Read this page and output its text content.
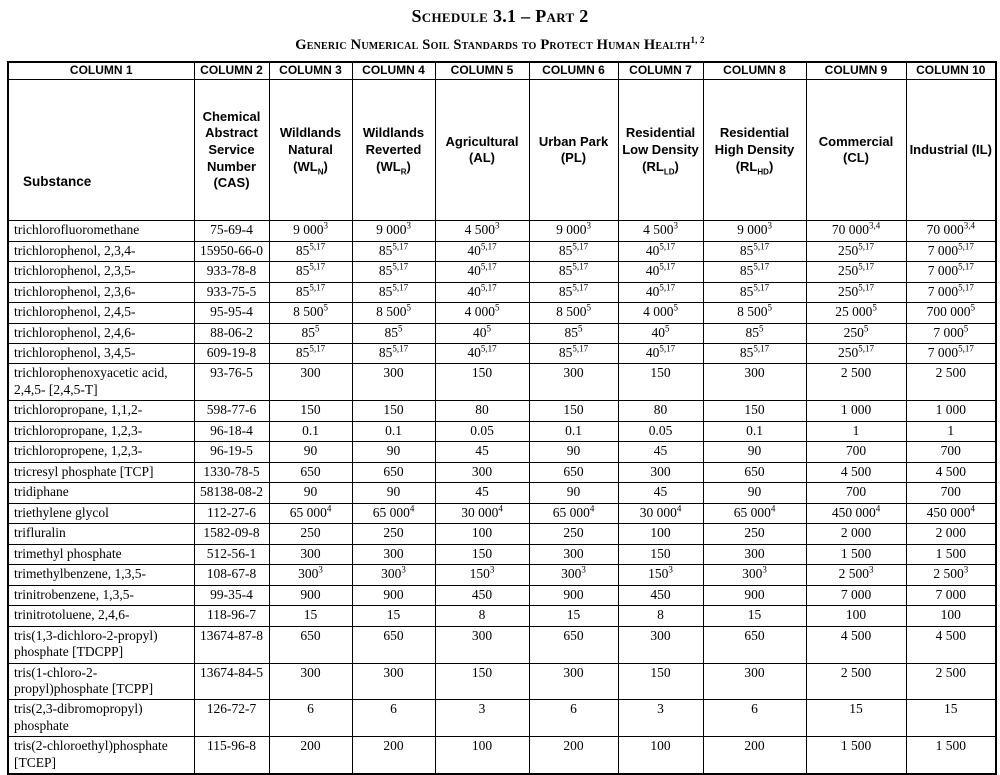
Schedule 3.1 – Part 2
Generic Numerical Soil Standards to Protect Human Health$^{1, 2}$
COLUMN 1	COLUMN 2	COLUMN 3	COLUMN 4	COLUMN 5	COLUMN 6	COLUMN 7	COLUMN 8	COLUMN 9	COLUMN 10
Substance	Chemical Abstract Service Number (CAS)	Wildlands Natural $(WL_N)$	Wildlands Reverted $(WL_R)$	Agricultural (AL)	Urban Park (PL)	Residential Low Density $(RL_{LD})$	Residential High Density $(RL_{HD})$	Commercial (CL)	Industrial (IL)
trichlorofluoromethane	75-69-4	9 $000^3$	9 $000^3$	4 $500^3$	9 $000^3$	4 $500^3$	9 $000^3$	70 000$^{3,4}$	70 000$^{3,4}$
trichlorophenol, 2,3,4-	15950-66-0	85$^{5,17}$	85$^{5,17}$	40$^{5,17}$	85$^{5,17}$	40$^{5,17}$	85$^{5,17}$	250$^{5,17}$	7 000$^{5,17}$
trichlorophenol, 2,3,5-	933-78-8	85$^{5,17}$	85$^{5,17}$	40$^{5,17}$	85$^{5,17}$	40$^{5,17}$	85$^{5,17}$	250$^{5,17}$	7 000$^{5,17}$
trichlorophenol, 2,3,6-	933-75-5	85$^{5,17}$	85$^{5,17}$	40$^{5,17}$	85$^{5,17}$	40$^{5,17}$	85$^{5,17}$	250$^{5,17}$	7 000$^{5,17}$
trichlorophenol, 2,4,5-	95-95-4	8 $500^5$	8 $500^5$	4 $000^5$	8 $500^5$	4 $000^5$	8 $500^5$	25 $000^5$	700 $000^5$
trichlorophenol, 2,4,6-	88-06-2	$85^5$	$85^5$	$40^5$	$85^5$	$40^5$	$85^5$	$250^5$	7 $000^5$
trichlorophenol, 3,4,5-	609-19-8	85$^{5,17}$	85$^{5,17}$	40$^{5,17}$	85$^{5,17}$	40$^{5,17}$	85$^{5,17}$	250$^{5,17}$	7 000$^{5,17}$
trichlorophenoxyacetic acid, 2,4,5- [2,4,5-T]	93-76-5	300	300	150	300	150	300	2 500	2 500
trichloropropane, 1,1,2-	598-77-6	150	150	80	150	80	150	1 000	1 000
trichloropropane, 1,2,3-	96-18-4	0.1	0.1	0.05	0.1	0.05	0.1	1	1
trichloropropene, 1,2,3-	96-19-5	90	90	45	90	45	90	700	700
tricresyl phosphate [TCP]	1330-78-5	650	650	300	650	300	650	4 500	4 500
tridiphane	58138-08-2	90	90	45	90	45	90	700	700
triethylene glycol	112-27-6	65 $000^4$	65 $000^4$	30 $000^4$	65 $000^4$	30 $000^4$	65 $000^4$	450 $000^4$	450 $000^4$
trifluralin	1582-09-8	250	250	100	250	100	250	2 000	2 000
trimethyl phosphate	512-56-1	300	300	150	300	150	300	1 500	1 500
trimethylbenzene, 1,3,5-	108-67-8	$300^3$	$300^3$	$150^3$	$300^3$	$150^3$	$300^3$	2 $500^3$	2 $500^3$
trinitrobenzene, 1,3,5-	99-35-4	900	900	450	900	450	900	7 000	7 000
trinitrotoluene, 2,4,6-	118-96-7	15	15	8	15	8	15	100	100
tris(1,3-dichloro-2-propyl) phosphate [TDCPP]	13674-87-8	650	650	300	650	300	650	4 500	4 500
tris(1-chloro-2-propyl)phosphate [TCPP]	13674-84-5	300	300	150	300	150	300	2 500	2 500
tris(2,3-dibromopropyl) phosphate	126-72-7	6	6	3	6	3	6	15	15
tris(2-chloroethyl)phosphate [TCEP]	115-96-8	200	200	100	200	100	200	1 500	1 500
